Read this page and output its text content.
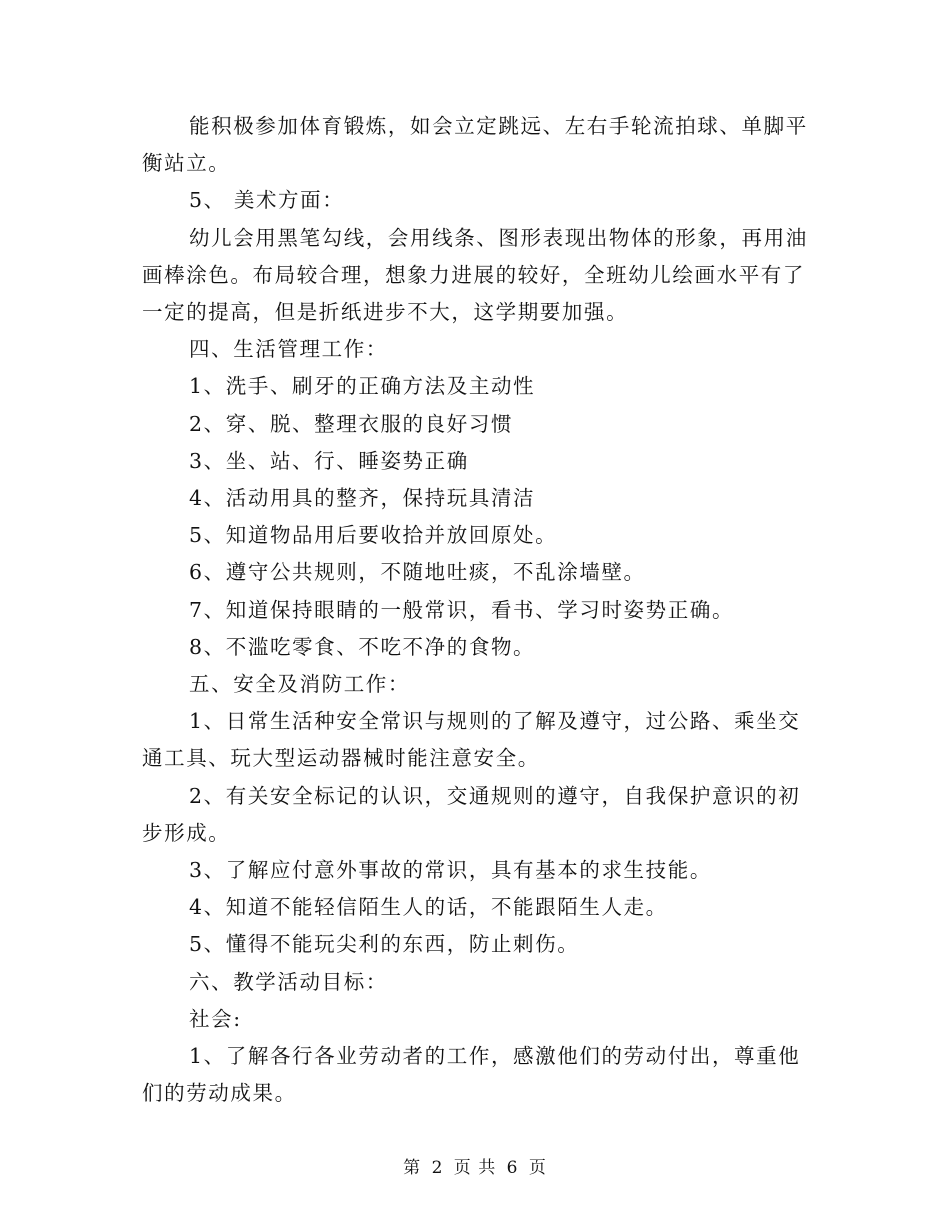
能积极参加体育锻炼，如会立定跳远、左右手轮流拍球、单脚平衡站立。

5、 美术方面：

幼儿会用黑笔勾线，会用线条、图形表现出物体的形象，再用油画棒涂色。布局较合理，想象力进展的较好，全班幼儿绘画水平有了一定的提高，但是折纸进步不大，这学期要加强。

四、生活管理工作：

1、洗手、刷牙的正确方法及主动性

2、穿、脱、整理衣服的良好习惯

3、坐、站、行、睡姿势正确

4、活动用具的整齐，保持玩具清洁

5、知道物品用后要收拾并放回原处。

6、遵守公共规则，不随地吐痰，不乱涂墙壁。

7、知道保持眼睛的一般常识，看书、学习时姿势正确。

8、不滥吃零食、不吃不净的食物。

五、安全及消防工作：

1、日常生活种安全常识与规则的了解及遵守，过公路、乘坐交通工具、玩大型运动器械时能注意安全。

2、有关安全标记的认识，交通规则的遵守，自我保护意识的初步形成。

3、了解应付意外事故的常识，具有基本的求生技能。

4、知道不能轻信陌生人的话，不能跟陌生人走。

5、懂得不能玩尖利的东西，防止刺伤。

六、教学活动目标：

社会:

1、了解各行各业劳动者的工作，感激他们的劳动付出，尊重他们的劳动成果。

第 2 页 共 6 页
